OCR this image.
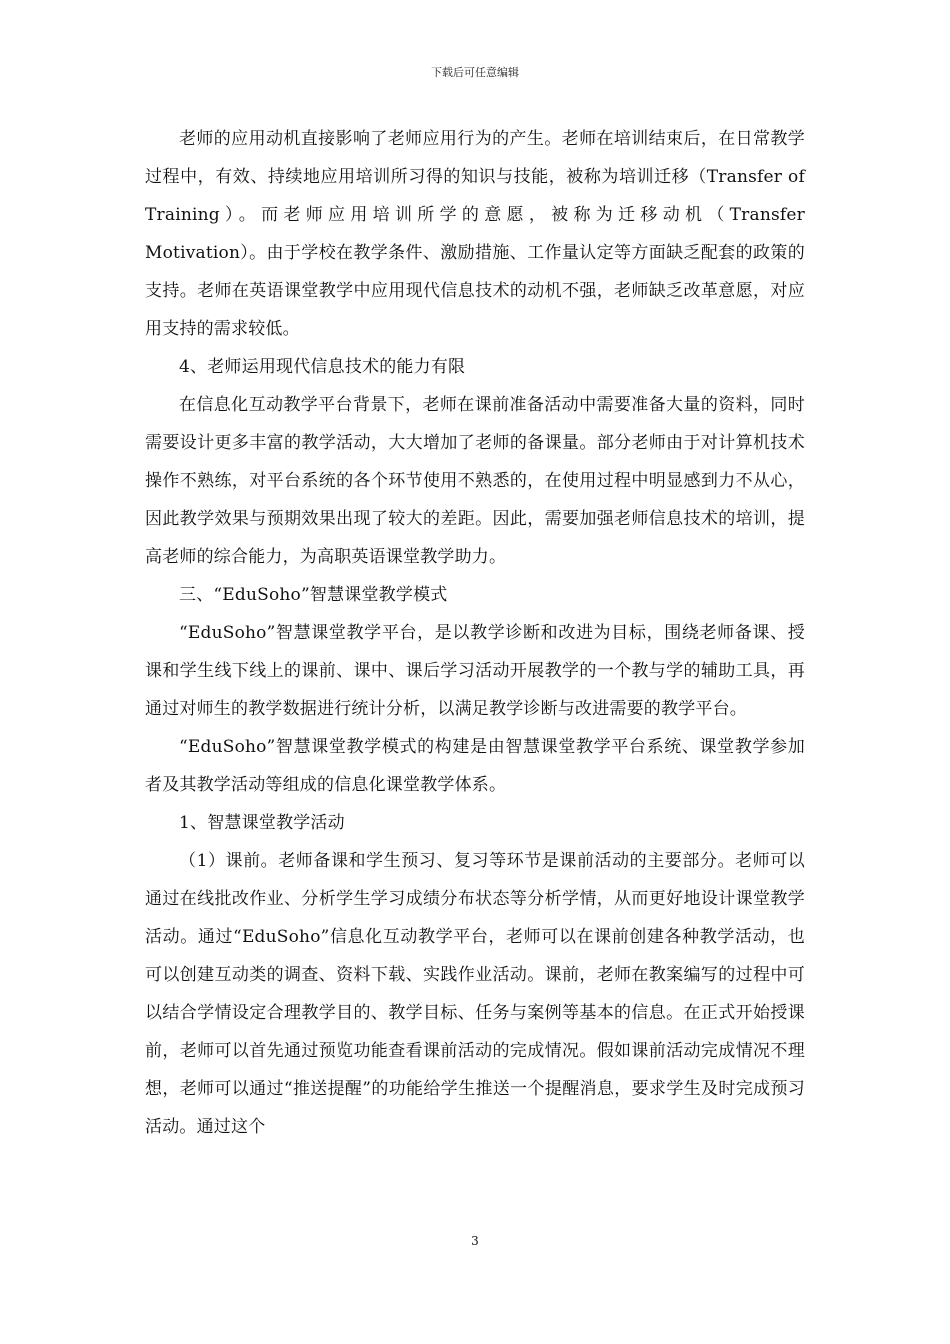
下载后可任意编辑

老师的应用动机直接影响了老师应用行为的产生。老师在培训结束后，在日常教学过程中，有效、持续地应用培训所习得的知识与技能，被称为培训迁移（Transfer of Training）。而老师应用培训所学的意愿，被称为迁移动机（Transfer Motivation）。由于学校在教学条件、激励措施、工作量认定等方面缺乏配套的政策的支持。老师在英语课堂教学中应用现代信息技术的动机不强，老师缺乏改革意愿，对应用支持的需求较低。

4、老师运用现代信息技术的能力有限

在信息化互动教学平台背景下，老师在课前准备活动中需要准备大量的资料，同时需要设计更多丰富的教学活动，大大增加了老师的备课量。部分老师由于对计算机技术操作不熟练，对平台系统的各个环节使用不熟悉的，在使用过程中明显感到力不从心，因此教学效果与预期效果出现了较大的差距。因此，需要加强老师信息技术的培训，提高老师的综合能力，为高职英语课堂教学助力。

三、“EduSoho”智慧课堂教学模式

“EduSoho”智慧课堂教学平台，是以教学诊断和改进为目标，围绕老师备课、授课和学生线下线上的课前、课中、课后学习活动开展教学的一个教与学的辅助工具，再通过对师生的教学数据进行统计分析，以满足教学诊断与改进需要的教学平台。

“EduSoho”智慧课堂教学模式的构建是由智慧课堂教学平台系统、课堂教学参加者及其教学活动等组成的信息化课堂教学体系。

1、智慧课堂教学活动

（1）课前。老师备课和学生预习、复习等环节是课前活动的主要部分。老师可以通过在线批改作业、分析学生学习成绩分布状态等分析学情，从而更好地设计课堂教学活动。通过“EduSoho”信息化互动教学平台，老师可以在课前创建各种教学活动，也可以创建互动类的调查、资料下载、实践作业活动。课前，老师在教案编写的过程中可以结合学情设定合理教学目的、教学目标、任务与案例等基本的信息。在正式开始授课前，老师可以首先通过预览功能查看课前活动的完成情况。假如课前活动完成情况不理想，老师可以通过“推送提醒”的功能给学生推送一个提醒消息，要求学生及时完成预习活动。通过这个

3
